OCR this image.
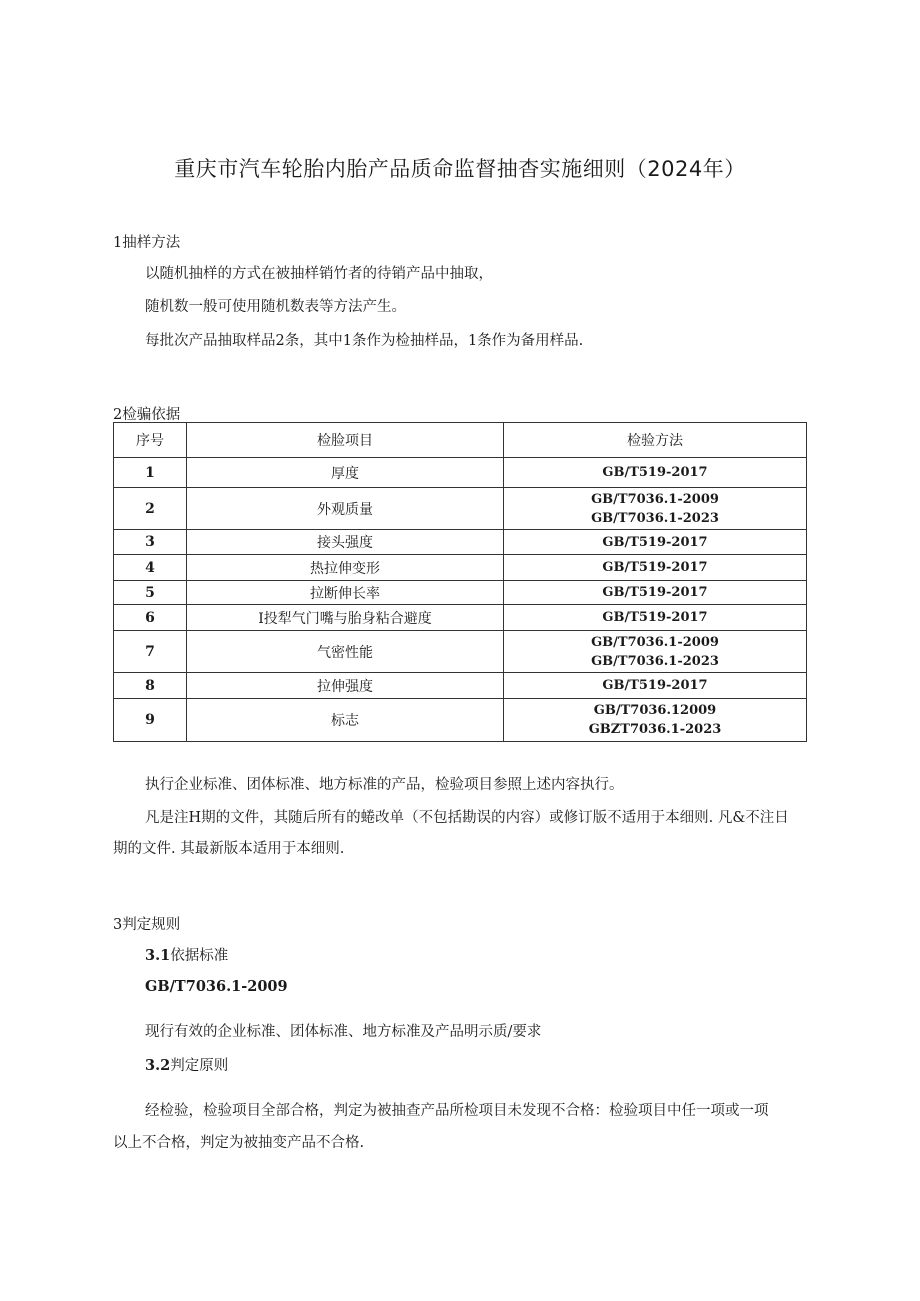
重庆市汽车轮胎内胎产品质命监督抽杳实施细则（2024年）
1抽样方法
以随机抽样的方式在被抽样销竹者的待销产品中抽取，
随机数一般可使用随机数表等方法产生。
每批次产品抽取样品2条，其中1条作为检抽样品，1条作为备用样品.
2检骗依据
序号	检脸项目	检验方法
1	厚度	GB/T519-2017

2	外观质量	GB/T7036.1-2009
GB/T7036.1-2023

3	接头强度	GB/T519-2017

4	热拉伸变形	GB/T519-2017

5	拉断伸长率	GB/T519-2017

6	I投犁气门嘴与胎身粘合避度	GB/T519-2017

7	气密性能	GB/T7036.1-2009
GB/T7036.1-2023

8	拉伸强度	GB/T519-2017

9	标志	GB/T7036.12009
GBZT7036.1-2023
执行企业标准、团体标准、地方标准的产品，检验项目参照上述内容执行。
凡是注H期的文件，其随后所有的蜷改单（不包括勘误的内容）或修订版不适用于本细则. 凡&不注日
期的文件. 其最新版本适用于本细则.
3判定规则
3.1依据标准
GB/T7036.1-2009
现行有效的企业标准、团体标准、地方标准及产品明示质/要求
3.2判定原则
经检验，检验项目全部合格，判定为被抽查产品所检项目未发现不合格：检验项目中任一项或一项
以上不合格，判定为被抽变产品不合格.
